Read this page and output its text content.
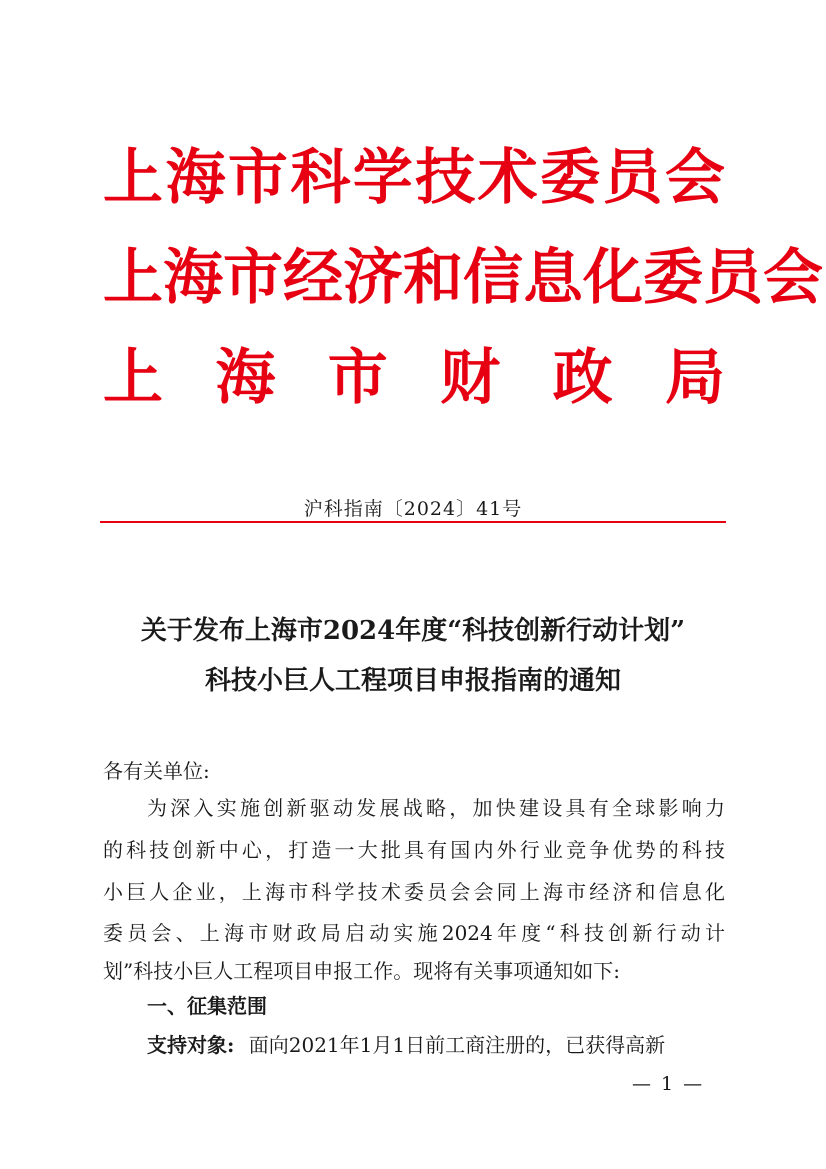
上 海 市 科 学 技 术 委 员 会
上 海 市 经 济 和 信 息 化 委 员 会
上 海 市 财 政 局
沪科指南〔2024〕41号
关于发布上海市2024年度“科技创新行动计划”
科技小巨人工程项目申报指南的通知
各有关单位:
为深入实施创新驱动发展战略，加快建设具有全球影响力
的科技创新中心，打造一大批具有国内外行业竞争优势的科技
小巨人企业，上海市科学技术委员会会同上海市经济和信息化
委员会、上海市财政局启动实施2024年度“科技创新行动计
划”科技小巨人工程项目申报工作。现将有关事项通知如下:
一、征集范围
支持对象: 面向2021年1月1日前工商注册的，已获得高新
— 1 —
